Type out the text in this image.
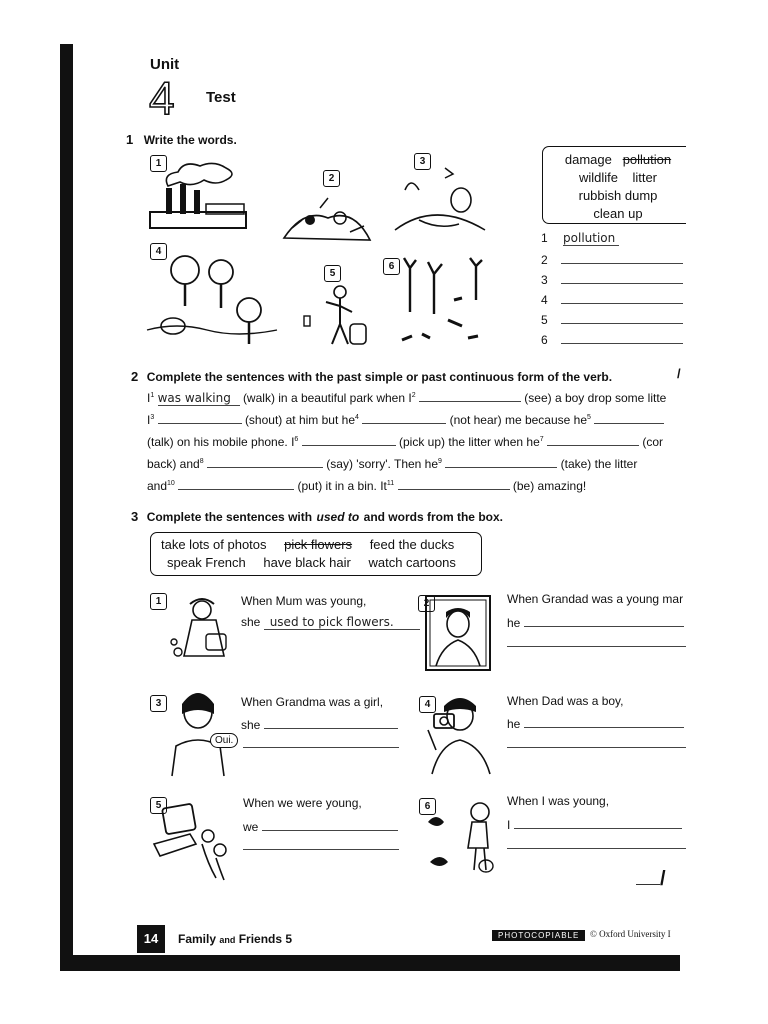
Unit
4 Test
1 Write the words.
1
2
3
4
5
6
damage pollution
wildlife litter
rubbish dump
clean up
1 pollution
2
3
4
5
6
2 Complete the sentences with the past simple or past continuous form of the verb.	/
$I^1$ was walking (walk) in a beautiful park when $I^2$	(see) a boy drop some litte
$I^3$	(shout) at him but $he^4$	(not hear) me because $he^5$
(talk) on his mobile phone. $I^6$	(pick up) the litter when $he^7$	(cor
back) and$^8$	(say) 'sorry'. Then $he^9$	(take) the litter
and$^{10}$	(put) it in a bin. It$^{11}$	(be) amazing!
3 Complete the sentences with used to and words from the box.
take lots of photos pick flowers feed the ducks
speak French have black hair watch cartoons
1	When Mum was young,
she used to pick flowers.
2	When Grandad was a young mar
he
3
Oui.
When Grandma was a girl,
she
4	When Dad was a boy,
he
5	When we were young,
we
6	When I was young,
I
/
14	Family and Friends 5	PHOTOCOPIABLE	© Oxford University I
